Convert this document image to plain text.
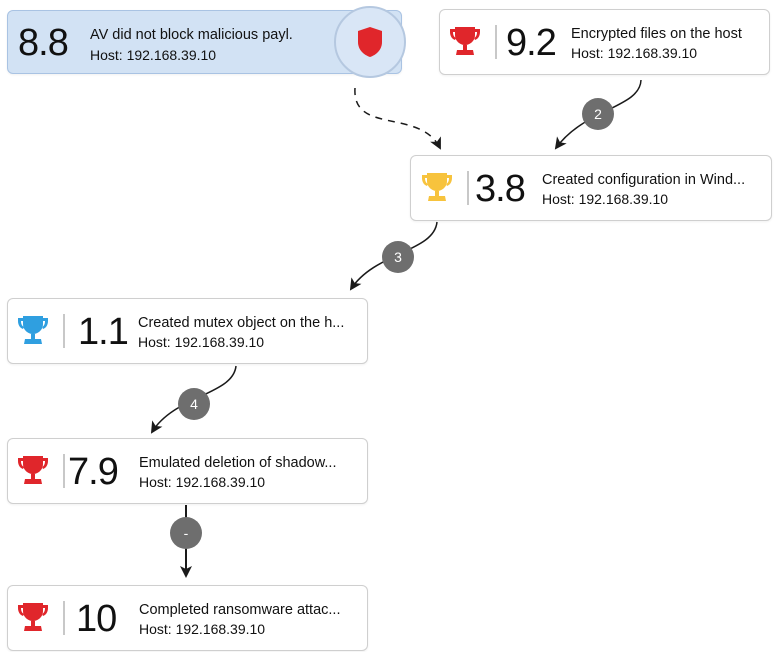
2
3
4
-
8.8 AV did not block malicious payl.
Host: 192.168.39.10	9.2 Encrypted files on the host
Host: 192.168.39.10
3.8 Created configuration in Wind...
Host: 192.168.39.10
1.1 Created mutex object on the h...
Host: 192.168.39.10
7.9 Emulated deletion of shadow...
Host: 192.168.39.10
10 Completed ransomware attac...
Host: 192.168.39.10
